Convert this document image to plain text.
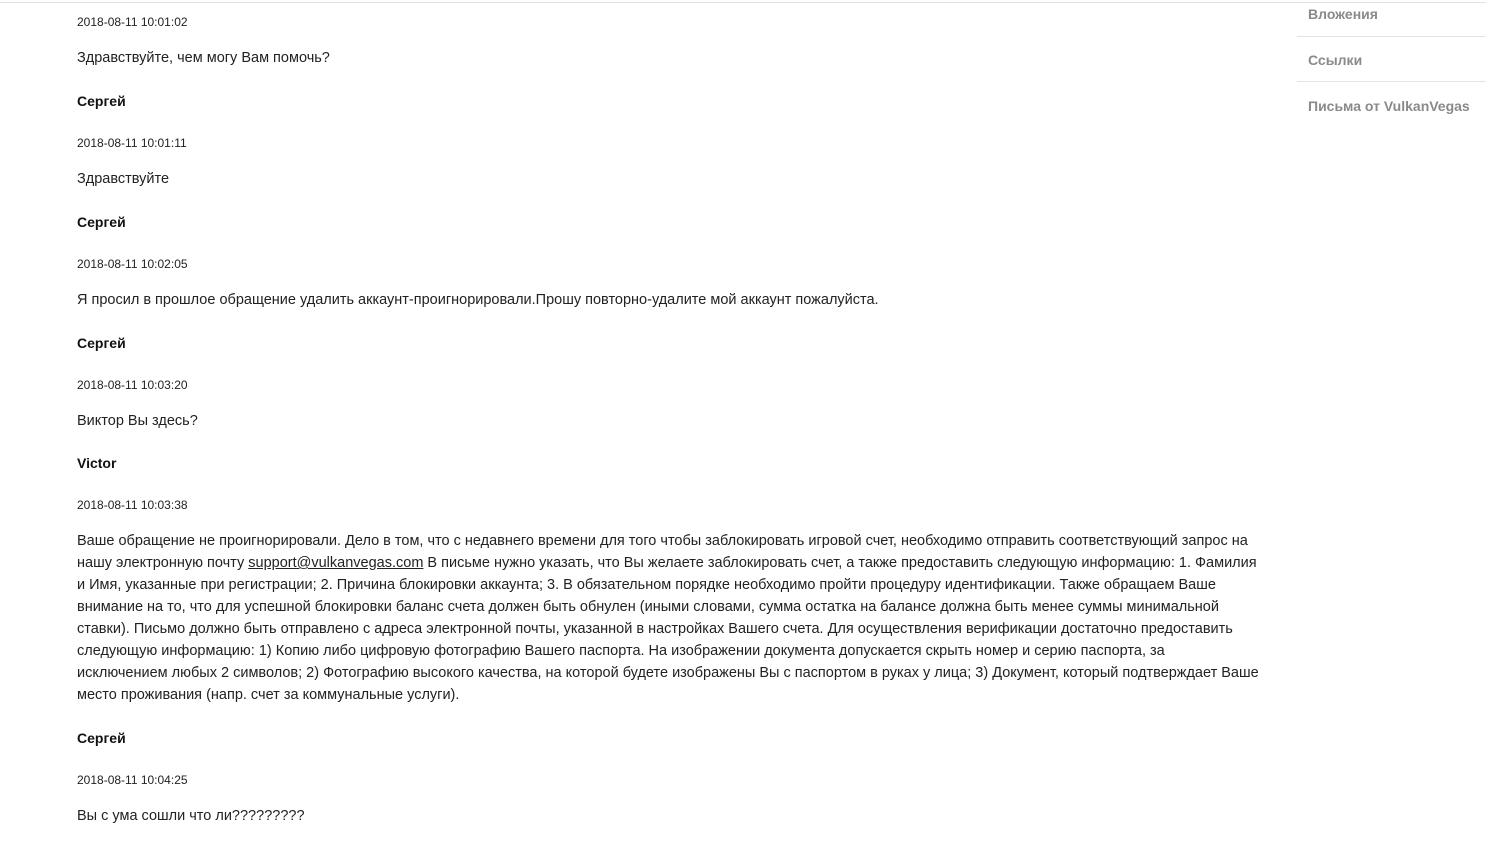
2018-08-11 10:01:02
Здравствуйте, чем могу Вам помочь?
Сергей
2018-08-11 10:01:11
Здравствуйте
Сергей
2018-08-11 10:02:05
Я просил в прошлое обращение удалить аккаунт-проигнорировали.Прошу повторно-удалите мой аккаунт пожалуйста.
Сергей
2018-08-11 10:03:20
Виктор Вы здесь?
Victor
2018-08-11 10:03:38
Ваше обращение не проигнорировали. Дело в том, что с недавнего времени для того чтобы заблокировать игровой счет, необходимо отправить соответствующий запрос на нашу электронную почту support@vulkanvegas.com В письме нужно указать, что Вы желаете заблокировать счет, а также предоставить следующую информацию: 1. Фамилия и Имя, указанные при регистрации; 2. Причина блокировки аккаунта; 3. В обязательном порядке необходимо пройти процедуру идентификации. Также обращаем Ваше внимание на то, что для успешной блокировки баланс счета должен быть обнулен (иными словами, сумма остатка на балансе должна быть менее суммы минимальной ставки). Письмо должно быть отправлено с адреса электронной почты, указанной в настройках Вашего счета. Для осуществления верификации достаточно предоставить следующую информацию: 1) Копию либо цифровую фотографию Вашего паспорта. На изображении документа допускается скрыть номер и серию паспорта, за исключением любых 2 символов; 2) Фотографию высокого качества, на которой будете изображены Вы с паспортом в руках у лица; 3) Документ, который подтверждает Ваше место проживания (напр. счет за коммунальные услуги).
Сергей
2018-08-11 10:04:25
Вы с ума сошли что ли?????????
Вложения
Ссылки
Письма от VulkanVegas
